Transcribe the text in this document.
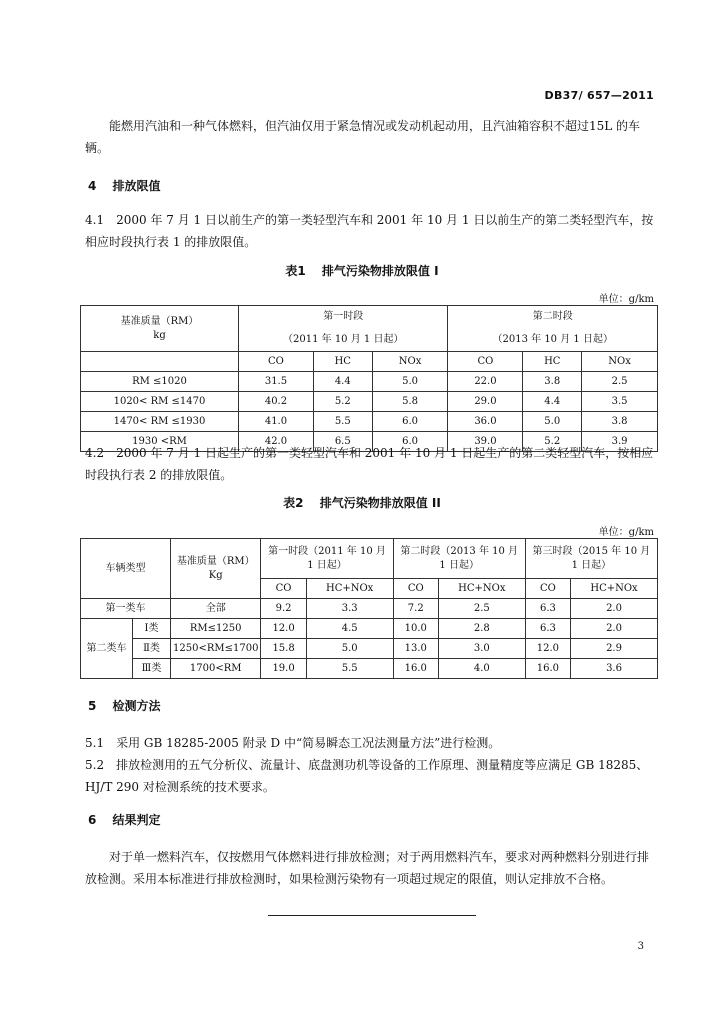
DB37/ 657—2011
能燃用汽油和一种气体燃料，但汽油仅用于紧急情况或发动机起动用，且汽油箱容积不超过15L 的车辆。
4 排放限值
4.1　2000 年 7 月 1 日以前生产的第一类轻型汽车和 2001 年 10 月 1 日以前生产的第二类轻型汽车，按相应时段执行表 1 的排放限值。
表1　 排气污染物排放限值 I
单位：g/km
基准质量（RM）
kg	第一时段			第二时段		
	（2011 年 10 月 1 日起）			（2013 年 10 月 1 日起）		
	CO	HC	NOx	CO	HC	NOx
RM ≤1020	31.5	4.4	5.0	22.0	3.8	2.5
1020< RM ≤1470	40.2	5.2	5.8	29.0	4.4	3.5
1470< RM ≤1930	41.0	5.5	6.0	36.0	5.0	3.8
1930 <RM	42.0	6.5	6.0	39.0	5.2	3.9
4.2　2000 年 7 月 1 日起生产的第一类轻型汽车和 2001 年 10 月 1 日起生产的第二类轻型汽车，按相应时段执行表 2 的排放限值。
表2　 排气污染物排放限值 II
单位：g/km
车辆类型		基准质量（RM）Kg	第一时段（2011 年 10 月 1 日起）		第二时段（2013 年 10 月 1 日起）		第三时段（2015 年 10 月 1 日起）	
			CO	HC+NOx	CO	HC+NOx	CO	HC+NOx
第一类车		全部	9.2	3.3	7.2	2.5	6.3	2.0
第二类车	Ⅰ类	RM≤1250	12.0	4.5	10.0	2.8	6.3	2.0
	Ⅱ类	1250<RM≤1700	15.8	5.0	13.0	3.0	12.0	2.9
	Ⅲ类	1700<RM	19.0	5.5	16.0	4.0	16.0	3.6
5 检测方法
5.1　采用 GB 18285-2005 附录 D 中“简易瞬态工况法测量方法”进行检测。
5.2　排放检测用的五气分析仪、流量计、底盘测功机等设备的工作原理、测量精度等应满足 GB 18285、HJ/T 290 对检测系统的技术要求。
6 结果判定
对于单一燃料汽车，仅按燃用气体燃料进行排放检测；对于两用燃料汽车，要求对两种燃料分别进行排放检测。采用本标准进行排放检测时，如果检测污染物有一项超过规定的限值，则认定排放不合格。
3
